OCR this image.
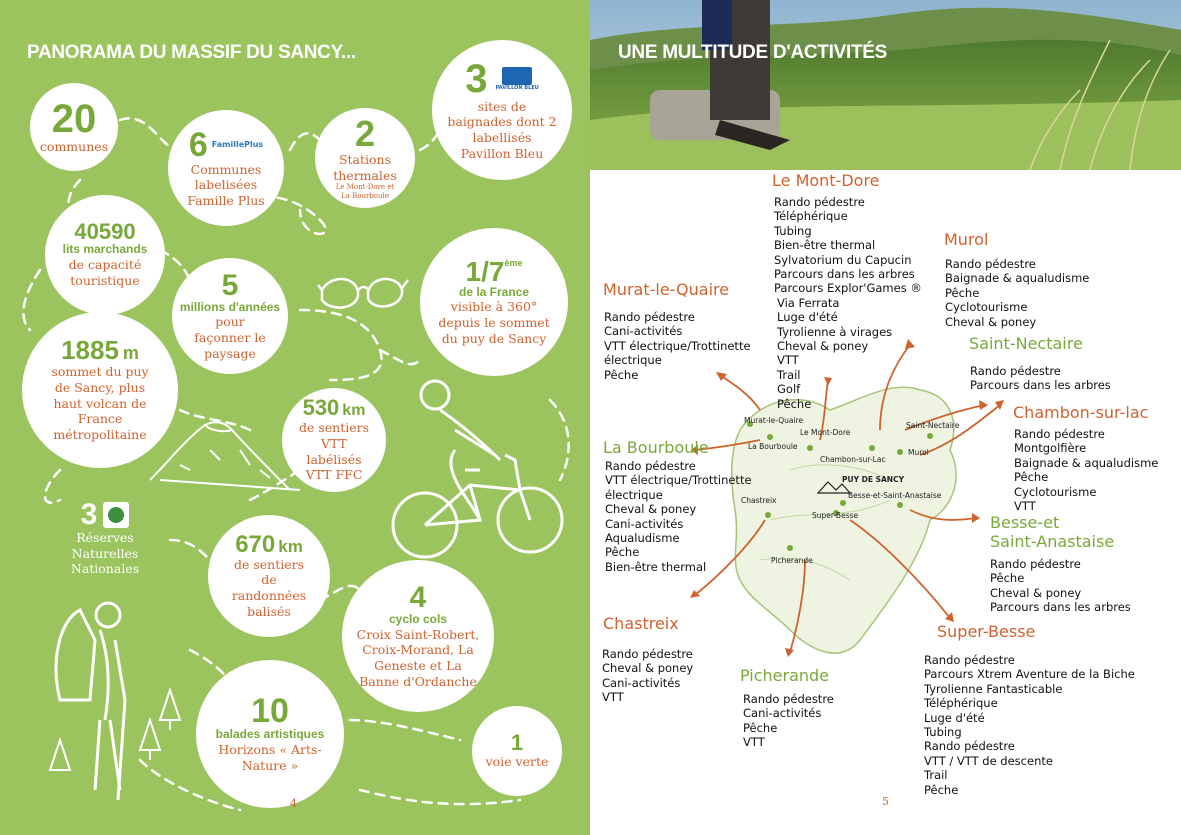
PANORAMA DU MASSIF DU SANCY...
20
communes 6 FamillePlus
Communes labelisées Famille Plus
2
Stations thermales
Le Mont-Dore et La Bourboule
3 PAVILLON BLEU
sites de baignades dont 2 labellisés Pavillon Bleu
40590
lits marchands
de capacité touristique	5
millions d'années
pour façonner le paysage
1/7 ème
de la France
visible à 360° depuis le sommet du puy de Sancy
1885 m
sommet du puy de Sancy, plus haut volcan de France métropolitaine
530 km
de sentiers VTT labélisés VTT FFC
3
Réserves Naturelles Nationales
670 km
de sentiers de randonnées balisés	4
cyclo cols
Croix Saint-Robert, Croix-Morand, La Geneste et La Banne d'Ordanche
10
balades artistiques
Horizons « Arts-Nature »
1
voie verte
4
UNE MULTITUDE D'ACTIVITÉS
Murat-le-Quaire
La Bourboule
Le Mont-Dore
Saint-Nectaire
Chambon-sur-Lac
Murol
PUY DE SANCY
Besse-et-Saint-Anastaise
Chastreix
Super-Besse
Picherande
Le Mont-Dore
Rando pédestre
Téléphérique
Tubing
Bien-être thermal
Sylvatorium du Capucin
Parcours dans les arbres
Parcours Explor'Games ®
Via Ferrata
Luge d'été
Tyrolienne à virages
Cheval & poney
VTT
Trail
Golf
Pêche
Murol
Rando pédestre
Baignade & aqualudisme
Pêche
Cyclotourisme
Cheval & poney
Murat-le-Quaire
Rando pédestre
Cani-activités
VTT électrique/Trottinette
électrique
Pêche
Saint-Nectaire
Rando pédestre
Parcours dans les arbres
Chambon-sur-lac
Rando pédestre
Montgolfière
Baignade & aqualudisme
Pêche
Cyclotourisme
VTT
La Bourboule
Rando pédestre
VTT électrique/Trottinette
électrique
Cheval & poney
Cani-activités
Aqualudisme
Pêche
Bien-être thermal
Besse-et
Saint-Anastaise
Rando pédestre
Pêche
Cheval & poney
Parcours dans les arbres
Chastreix
Rando pédestre
Cheval & poney
Cani-activités
VTT
Super-Besse
Rando pédestre
Parcours Xtrem Aventure de la Biche
Tyrolienne Fantasticable
Téléphérique
Luge d'été
Tubing
Rando pédestre
VTT / VTT de descente
Trail
Pêche
Picherande
Rando pédestre
Cani-activités
Pêche
VTT
5
